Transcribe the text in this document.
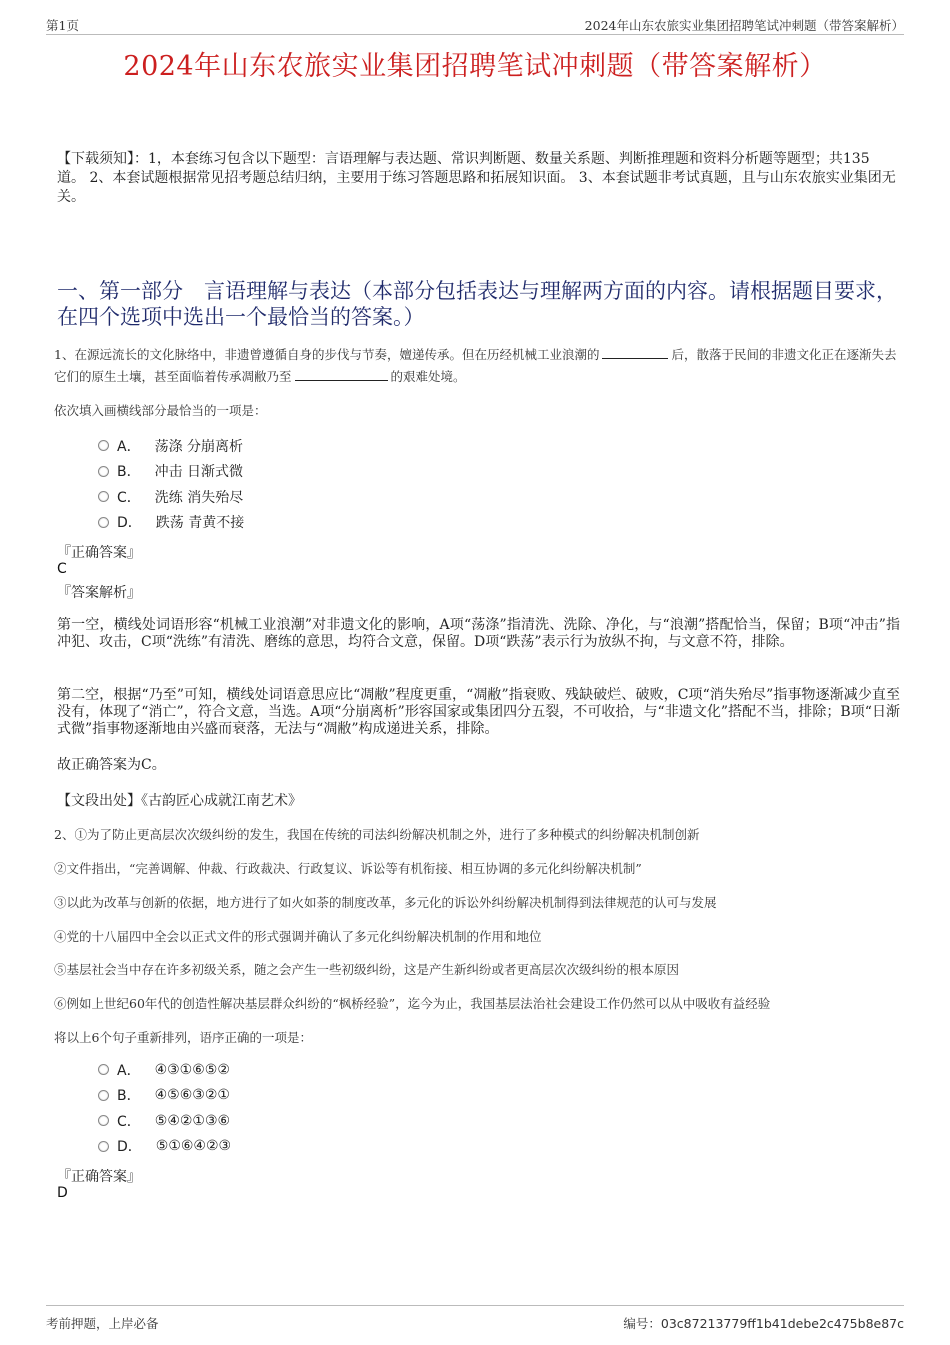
第1页	2024年山东农旅实业集团招聘笔试冲刺题（带答案解析）
2024年山东农旅实业集团招聘笔试冲刺题（带答案解析）
【下载须知】：1，本套练习包含以下题型：言语理解与表达题、常识判断题、数量关系题、判断推理题和资料分析题等题型；共135道。 2、本套试题根据常见招考题总结归纳，主要用于练习答题思路和拓展知识面。 3、本套试题非考试真题，且与山东农旅实业集团无关。
一、第一部分　言语理解与表达（本部分包括表达与理解两方面的内容。请根据题目要求，在四个选项中选出一个最恰当的答案。）
1、在源远流长的文化脉络中，非遗曾遵循自身的步伐与节奏，嬗递传承。但在历经机械工业浪潮的	后，散落于民间的非遗文化正在逐渐失去它们的原生土壤，甚至面临着传承凋敝乃至	的艰难处境。
依次填入画横线部分最恰当的一项是：
A． 荡涤 分崩离析
B． 冲击 日渐式微
C． 洗练 消失殆尽
D． 跌荡 青黄不接
『正确答案』
C
『答案解析』
第一空，横线处词语形容“机械工业浪潮”对非遗文化的影响，A项“荡涤”指清洗、洗除、净化，与“浪潮”搭配恰当，保留；B项“冲击”指冲犯、攻击，C项“洗练”有清洗、磨练的意思，均符合文意，保留。D项“跌荡”表示行为放纵不拘，与文意不符，排除。
第二空，根据“乃至”可知，横线处词语意思应比“凋敝”程度更重，“凋敝”指衰败、残缺破烂、破败，C项“消失殆尽”指事物逐渐减少直至没有，体现了“消亡”，符合文意，当选。A项“分崩离析”形容国家或集团四分五裂，不可收拾，与“非遗文化”搭配不当，排除；B项“日渐式微”指事物逐渐地由兴盛而衰落，无法与“凋敝”构成递进关系，排除。
故正确答案为C。
【文段出处】《古韵匠心成就江南艺术》
2、①为了防止更高层次次级纠纷的发生，我国在传统的司法纠纷解决机制之外，进行了多种模式的纠纷解决机制创新
②文件指出，“完善调解、仲裁、行政裁决、行政复议、诉讼等有机衔接、相互协调的多元化纠纷解决机制”
③以此为改革与创新的依据，地方进行了如火如荼的制度改革，多元化的诉讼外纠纷解决机制得到法律规范的认可与发展
④党的十八届四中全会以正式文件的形式强调并确认了多元化纠纷解决机制的作用和地位
⑤基层社会当中存在许多初级关系，随之会产生一些初级纠纷，这是产生新纠纷或者更高层次次级纠纷的根本原因
⑥例如上世纪60年代的创造性解决基层群众纠纷的“枫桥经验”，迄今为止，我国基层法治社会建设工作仍然可以从中吸收有益经验
将以上6个句子重新排列，语序正确的一项是：
A． ④③①⑥⑤②
B． ④⑤⑥③②①
C． ⑤④②①③⑥
D． ⑤①⑥④②③
『正确答案』
D
考前押题，上岸必备	编号：03c87213779ff1b41debe2c475b8e87c
